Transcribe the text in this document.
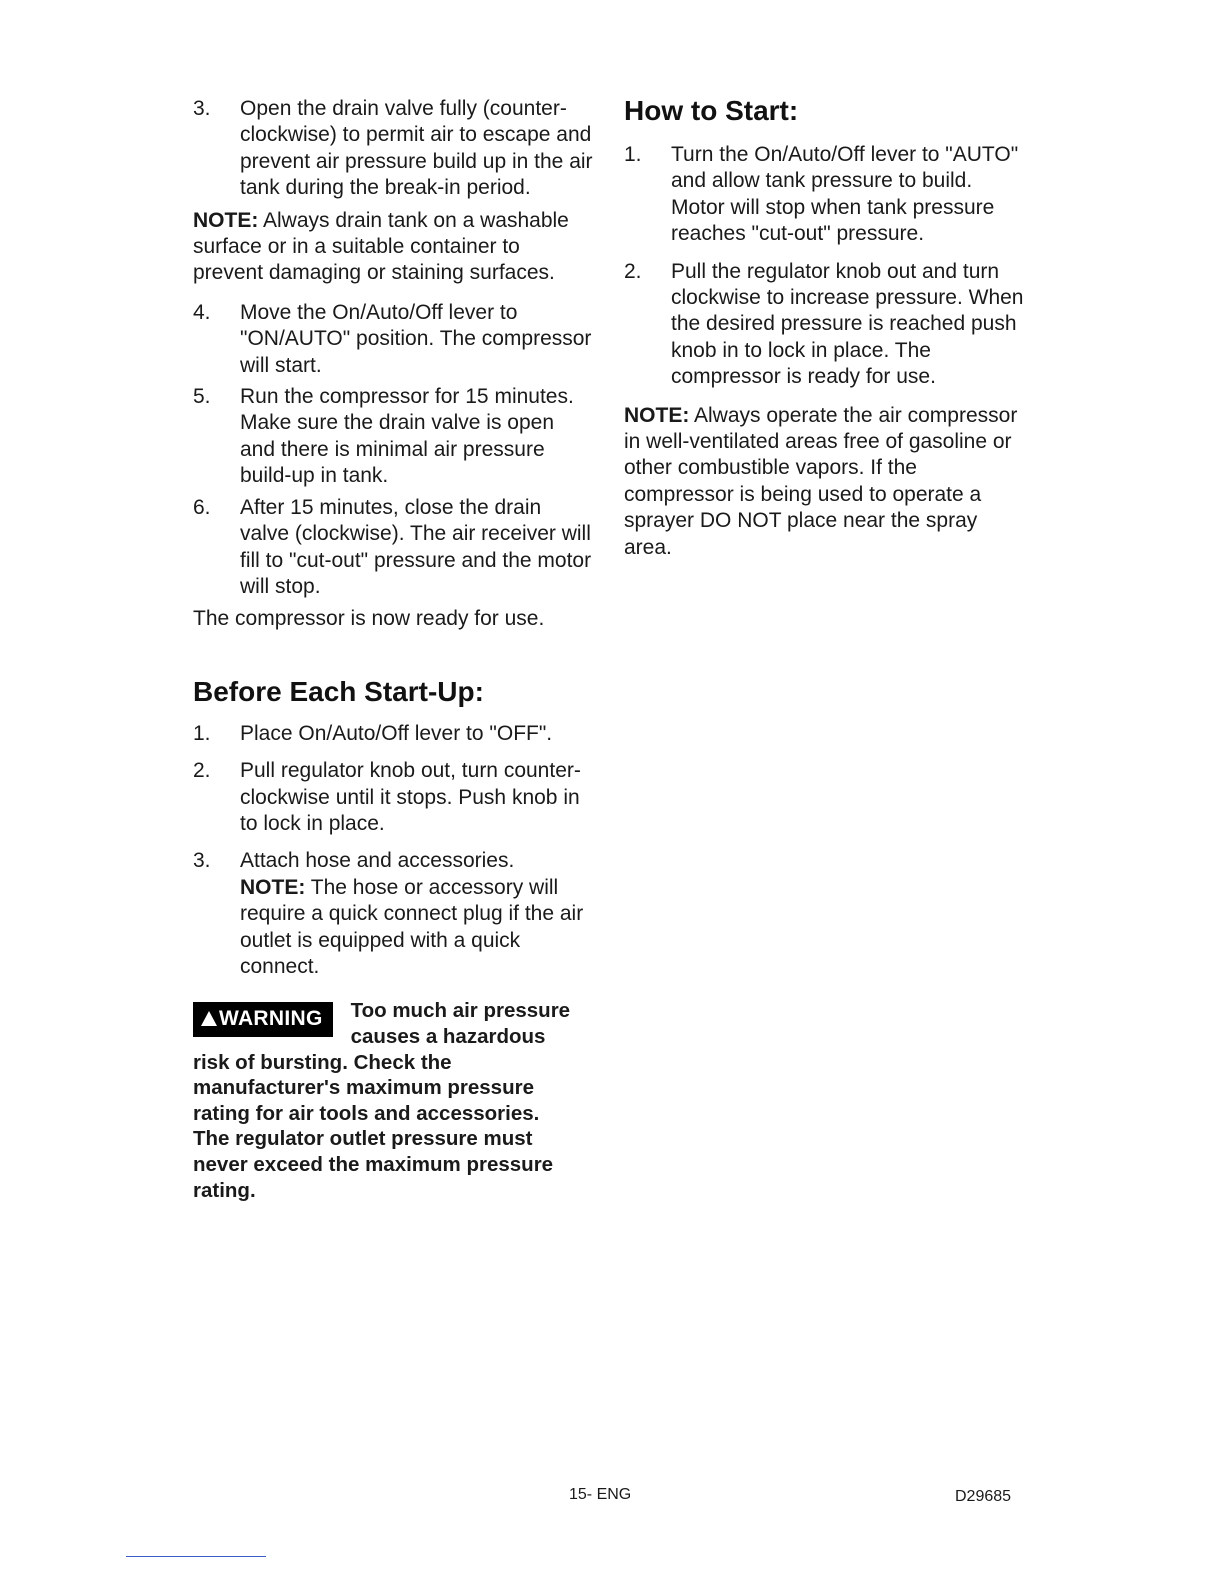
3. Open the drain valve fully (counter-clockwise) to permit air to escape and prevent air pressure build up in the air tank during the break-in period.

NOTE: Always drain tank on a washable surface or in a suitable container to prevent damaging or staining surfaces.

4. Move the On/Auto/Off lever to "ON/AUTO" position. The compressor will start.
5. Run the compressor for 15 minutes. Make sure the drain valve is open and there is minimal air pressure build-up in tank.
6. After 15 minutes, close the drain valve (clockwise). The air receiver will fill to "cut-out" pressure and the motor will stop.

The compressor is now ready for use.

Before Each Start-Up:
1. Place On/Auto/Off lever to "OFF".
2. Pull regulator knob out, turn counter-clockwise until it stops. Push knob in to lock in place.
3. Attach hose and accessories.
NOTE: The hose or accessory will require a quick connect plug if the air outlet is equipped with a quick connect.
WARNING	Too much air pressure causes a hazardous risk of bursting. Check the manufacturer's maximum pressure rating for air tools and accessories. The regulator outlet pressure must never exceed the maximum pressure rating.
How to Start:
1. Turn the On/Auto/Off lever to "AUTO" and allow tank pressure to build. Motor will stop when tank pressure reaches "cut-out" pressure.
2. Pull the regulator knob out and turn clockwise to increase pressure. When the desired pressure is reached push knob in to lock in place. The compressor is ready for use.

NOTE: Always operate the air compressor in well-ventilated areas free of gasoline or other combustible vapors. If the compressor is being used to operate a sprayer DO NOT place near the spray area.

15- ENG	D29685
